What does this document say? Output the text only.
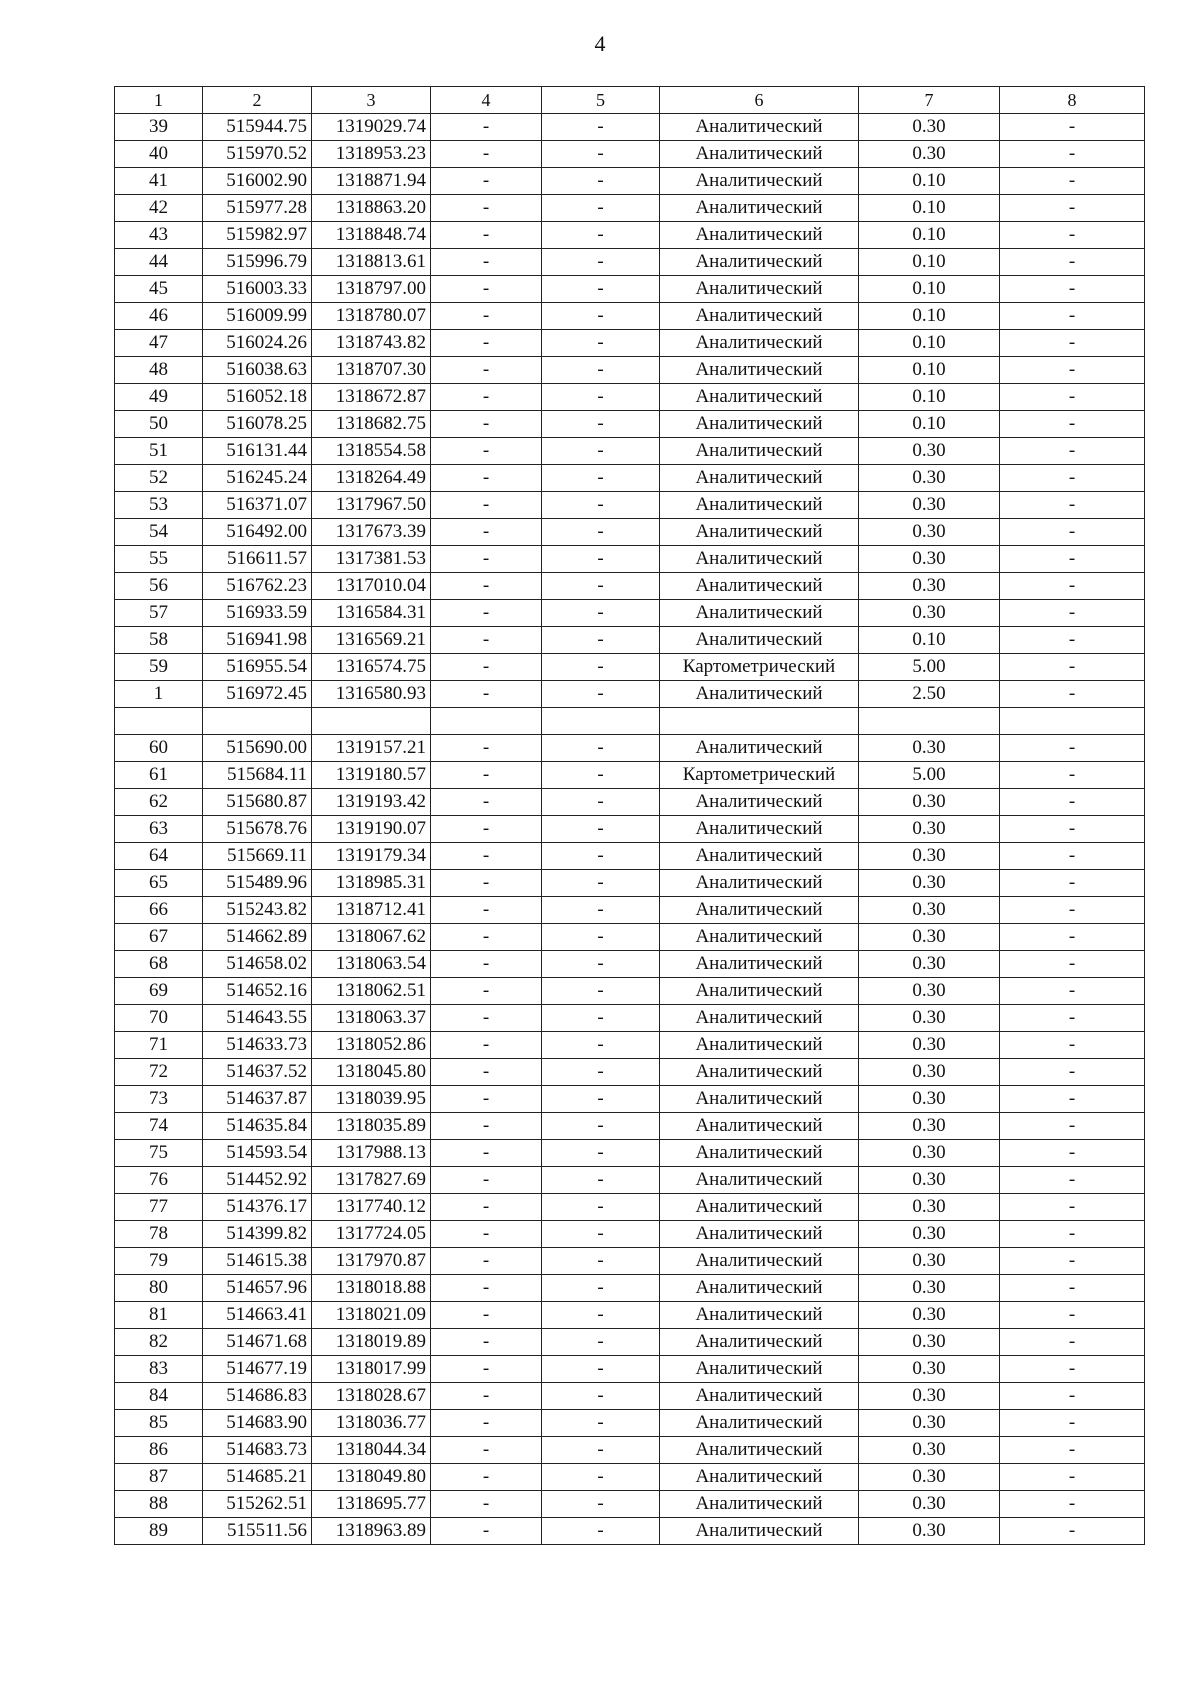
4
1	2	3	4	5	6	7	8
39	515944.75	1319029.74	-	-	Аналитический	0.30	-
40	515970.52	1318953.23	-	-	Аналитический	0.30	-
41	516002.90	1318871.94	-	-	Аналитический	0.10	-
42	515977.28	1318863.20	-	-	Аналитический	0.10	-
43	515982.97	1318848.74	-	-	Аналитический	0.10	-
44	515996.79	1318813.61	-	-	Аналитический	0.10	-
45	516003.33	1318797.00	-	-	Аналитический	0.10	-
46	516009.99	1318780.07	-	-	Аналитический	0.10	-
47	516024.26	1318743.82	-	-	Аналитический	0.10	-
48	516038.63	1318707.30	-	-	Аналитический	0.10	-
49	516052.18	1318672.87	-	-	Аналитический	0.10	-
50	516078.25	1318682.75	-	-	Аналитический	0.10	-
51	516131.44	1318554.58	-	-	Аналитический	0.30	-
52	516245.24	1318264.49	-	-	Аналитический	0.30	-
53	516371.07	1317967.50	-	-	Аналитический	0.30	-
54	516492.00	1317673.39	-	-	Аналитический	0.30	-
55	516611.57	1317381.53	-	-	Аналитический	0.30	-
56	516762.23	1317010.04	-	-	Аналитический	0.30	-
57	516933.59	1316584.31	-	-	Аналитический	0.30	-
58	516941.98	1316569.21	-	-	Аналитический	0.10	-
59	516955.54	1316574.75	-	-	Картометрический	5.00	-
1	516972.45	1316580.93	-	-	Аналитический	2.50	-

60	515690.00	1319157.21	-	-	Аналитический	0.30	-
61	515684.11	1319180.57	-	-	Картометрический	5.00	-
62	515680.87	1319193.42	-	-	Аналитический	0.30	-
63	515678.76	1319190.07	-	-	Аналитический	0.30	-
64	515669.11	1319179.34	-	-	Аналитический	0.30	-
65	515489.96	1318985.31	-	-	Аналитический	0.30	-
66	515243.82	1318712.41	-	-	Аналитический	0.30	-
67	514662.89	1318067.62	-	-	Аналитический	0.30	-
68	514658.02	1318063.54	-	-	Аналитический	0.30	-
69	514652.16	1318062.51	-	-	Аналитический	0.30	-
70	514643.55	1318063.37	-	-	Аналитический	0.30	-
71	514633.73	1318052.86	-	-	Аналитический	0.30	-
72	514637.52	1318045.80	-	-	Аналитический	0.30	-
73	514637.87	1318039.95	-	-	Аналитический	0.30	-
74	514635.84	1318035.89	-	-	Аналитический	0.30	-
75	514593.54	1317988.13	-	-	Аналитический	0.30	-
76	514452.92	1317827.69	-	-	Аналитический	0.30	-
77	514376.17	1317740.12	-	-	Аналитический	0.30	-
78	514399.82	1317724.05	-	-	Аналитический	0.30	-
79	514615.38	1317970.87	-	-	Аналитический	0.30	-
80	514657.96	1318018.88	-	-	Аналитический	0.30	-
81	514663.41	1318021.09	-	-	Аналитический	0.30	-
82	514671.68	1318019.89	-	-	Аналитический	0.30	-
83	514677.19	1318017.99	-	-	Аналитический	0.30	-
84	514686.83	1318028.67	-	-	Аналитический	0.30	-
85	514683.90	1318036.77	-	-	Аналитический	0.30	-
86	514683.73	1318044.34	-	-	Аналитический	0.30	-
87	514685.21	1318049.80	-	-	Аналитический	0.30	-
88	515262.51	1318695.77	-	-	Аналитический	0.30	-
89	515511.56	1318963.89	-	-	Аналитический	0.30	-
